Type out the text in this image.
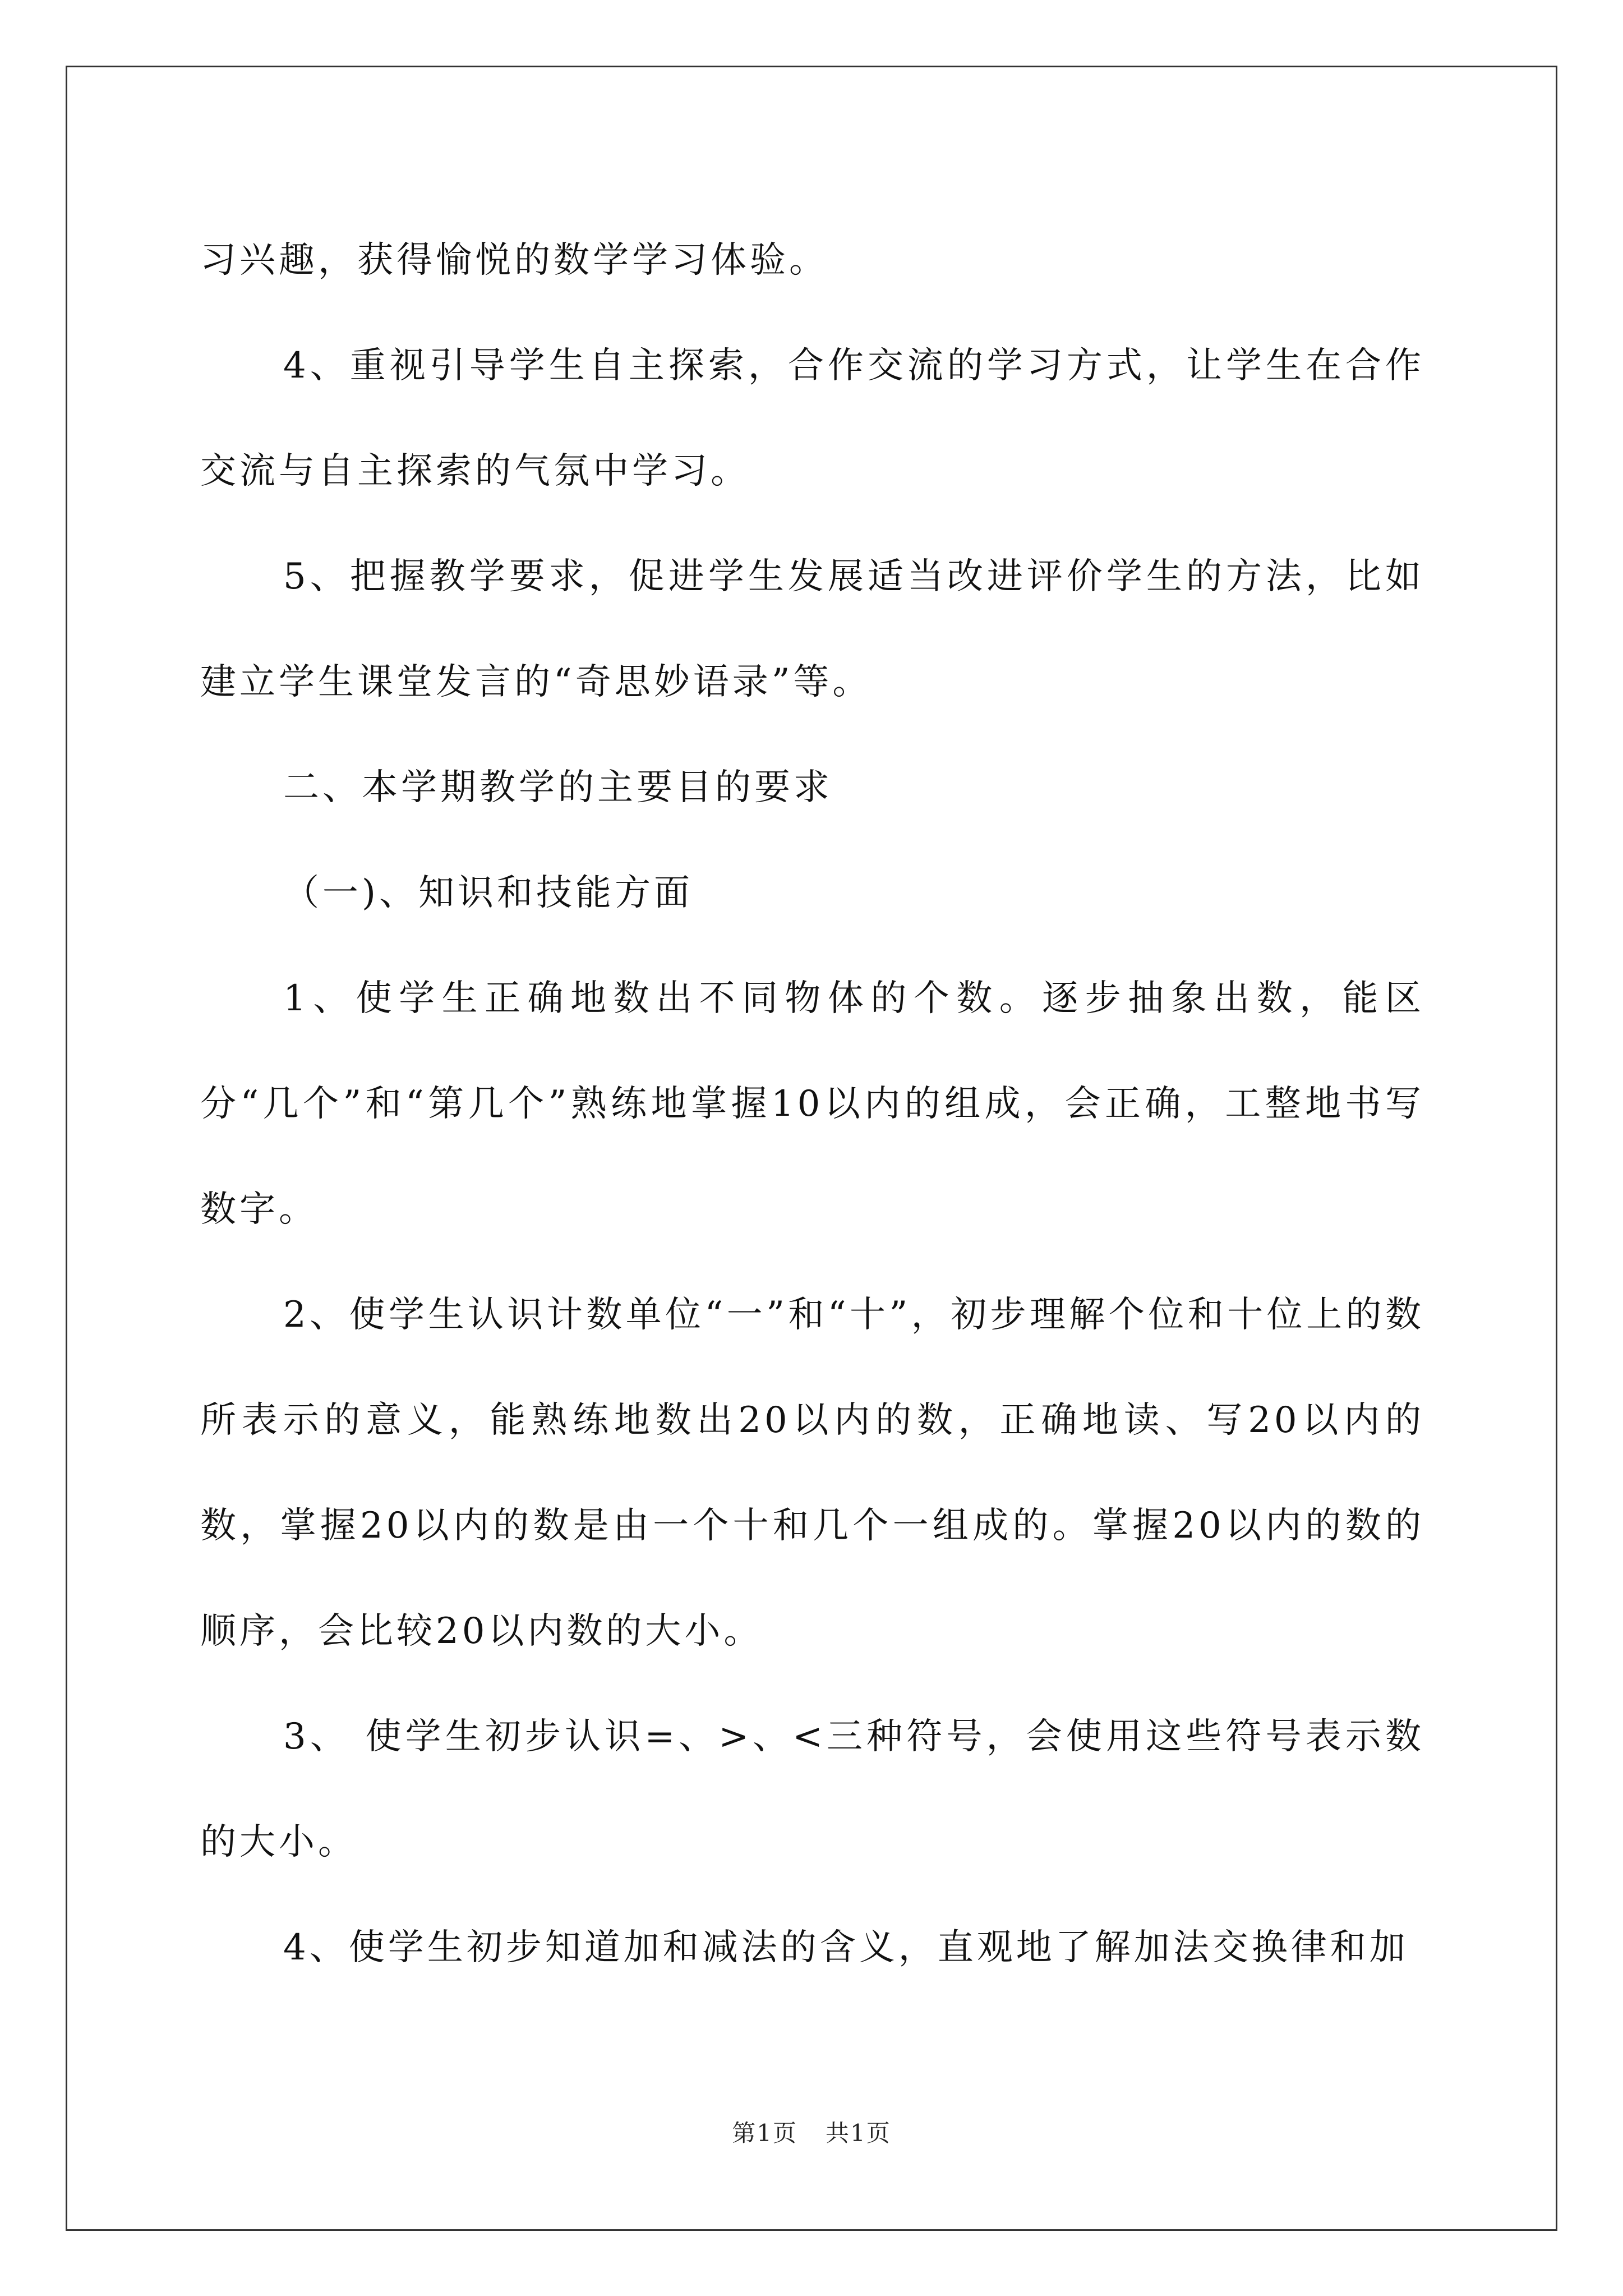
习兴趣，获得愉悦的数学学习体验。

4、重视引导学生自主探索，合作交流的学习方式，让学生在合作交流与自主探索的气氛中学习。

5、把握教学要求，促进学生发展适当改进评价学生的方法，比如建立学生课堂发言的“奇思妙语录”等。

二、本学期教学的主要目的要求

（一)、知识和技能方面

1、使学生正确地数出不同物体的个数。逐步抽象出数，能区分“几个”和“第几个”熟练地掌握10以内的组成，会正确，工整地书写数字。

2、使学生认识计数单位“一”和“十”，初步理解个位和十位上的数所表示的意义，能熟练地数出20以内的数，正确地读、写20以内的数，掌握20以内的数是由一个十和几个一组成的。掌握20以内的数的顺序，会比较20以内数的大小。

3、 使学生初步认识=、>、<三种符号，会使用这些符号表示数的大小。

4、使学生初步知道加和减法的含义，直观地了解加法交换律和加

第1页 共1页
